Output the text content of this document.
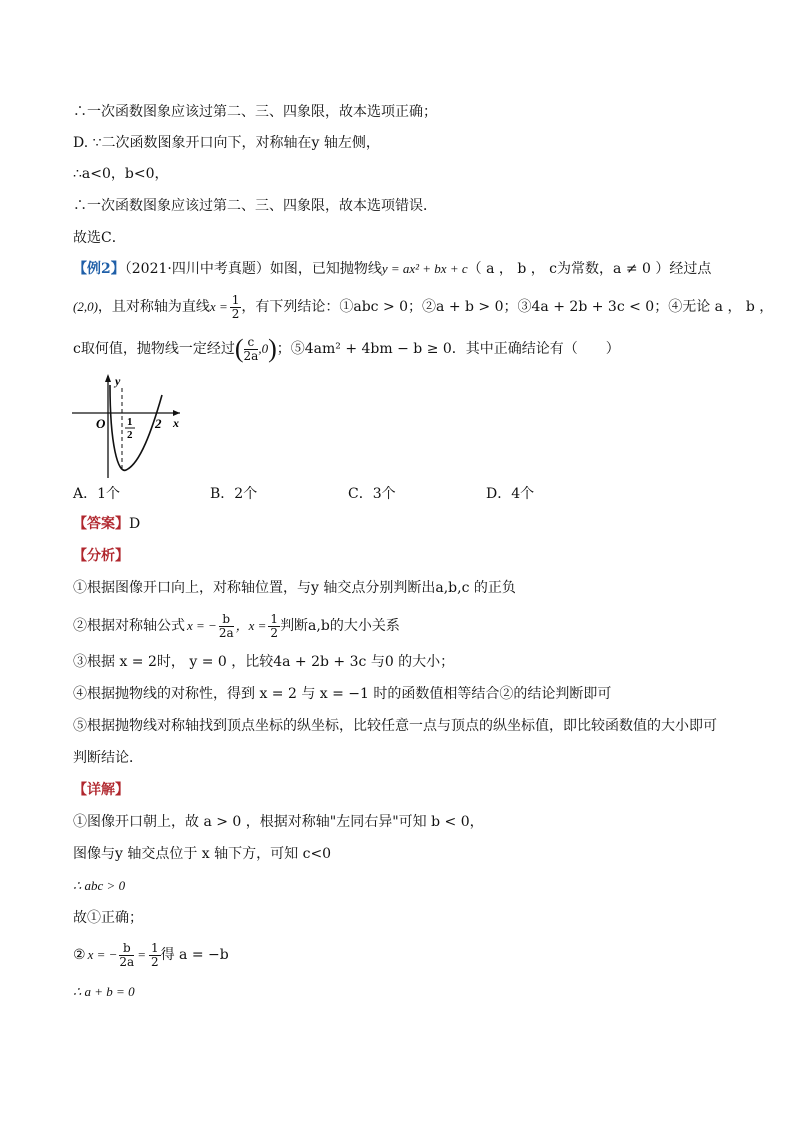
∴一次函数图象应该过第二、三、四象限，故本选项正确；
D. ∵二次函数图象开口向下，对称轴在y 轴左侧，
∴a<0，b<0，
∴一次函数图象应该过第二、三、四象限，故本选项错误．
故选C．
【例2】（2021·四川中考真题）如图，已知抛物线y = ax² + bx + c（ a ， b ， c为常数，a ≠ 0 ）经过点
(2,0) ，且对称轴为直线 $x = \frac{1}{2}$ ，有下列结论：①abc > 0；②a + b > 0；③4a + 2b + 3c < 0；④无论 a ， b ，
c取何值，抛物线一定经过 ( $\frac{c}{2a} ,0$ ) ；⑤4am² + 4bm − b ≥ 0．其中正确结论有（　　）
y
x
O 1
2
2
A．1个	B．2个	C．3个	D．4个
【答案】D
【分析】
①根据图像开口向上，对称轴位置，与y 轴交点分别判断出a,b,c 的正负
②根据对称轴公式 x = − $\frac{b}{2a}$ ，$x = \frac{1}{2}$ 判断a,b的大小关系
③根据 x = 2时， y = 0 ，比较4a + 2b + 3c 与0 的大小；
④根据抛物线的对称性，得到 x = 2 与 x = −1 时的函数值相等结合②的结论判断即可
⑤根据抛物线对称轴找到顶点坐标的纵坐标，比较任意一点与顶点的纵坐标值，即比较函数值的大小即可
判断结论．
【详解】
①图像开口朝上，故 a > 0 ，根据对称轴"左同右异"可知 b < 0，
图像与y 轴交点位于 x 轴下方，可知 c<0
∴ abc > 0
故①正确；
② x = − $\frac{b}{2a} = \frac{1}{2}$ 得 a = −b
∴ a + b = 0
